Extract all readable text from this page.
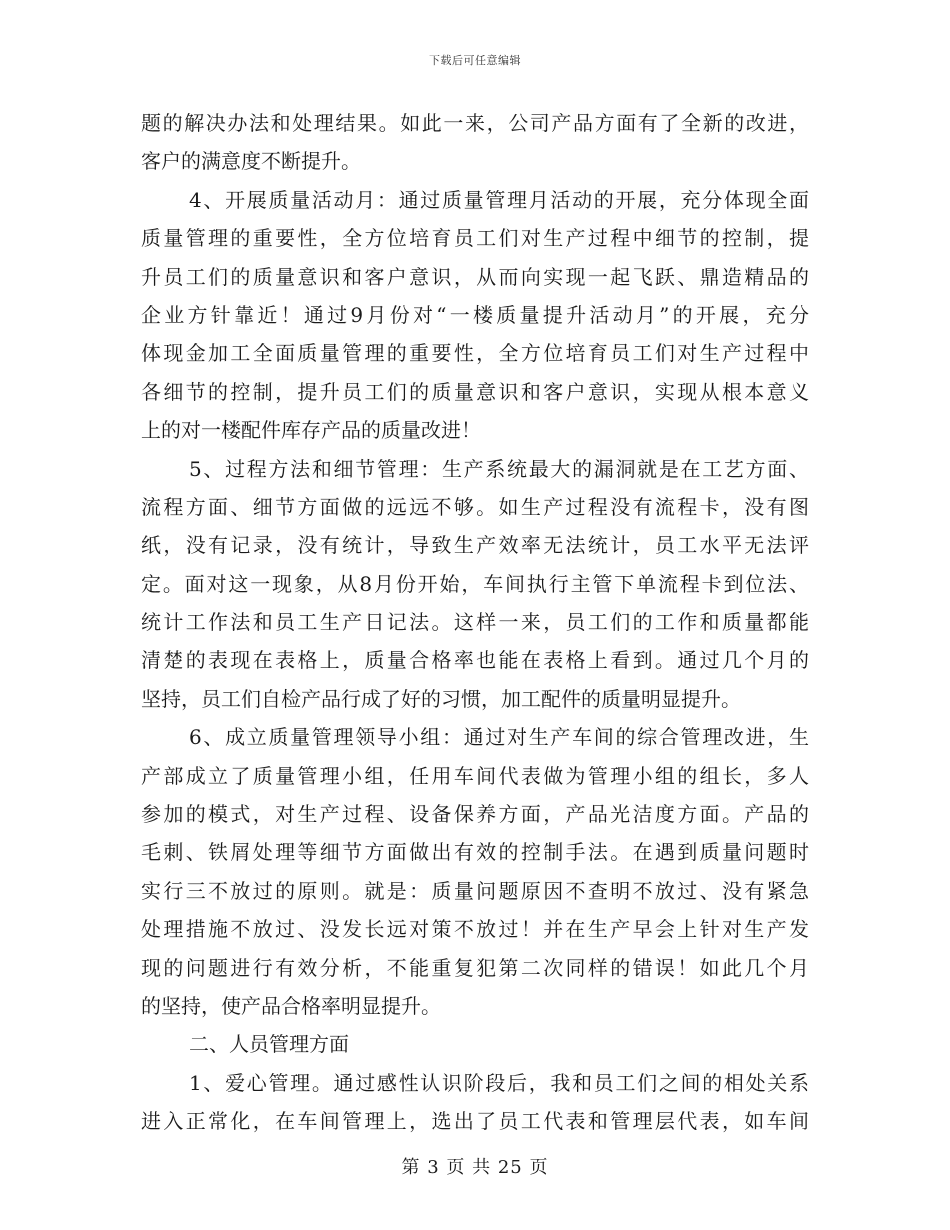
下载后可任意编辑
题的解决办法和处理结果。如此一来，公司产品方面有了全新的改进，
客户的满意度不断提升。
4、开展质量活动月：通过质量管理月活动的开展，充分体现全面
质量管理的重要性，全方位培育员工们对生产过程中细节的控制，提
升员工们的质量意识和客户意识，从而向实现一起飞跃、鼎造精品的
企业方针靠近！通过9月份对“一楼质量提升活动月”的开展，充分
体现金加工全面质量管理的重要性，全方位培育员工们对生产过程中
各细节的控制，提升员工们的质量意识和客户意识，实现从根本意义
上的对一楼配件库存产品的质量改进！
5、过程方法和细节管理：生产系统最大的漏洞就是在工艺方面、
流程方面、细节方面做的远远不够。如生产过程没有流程卡，没有图
纸，没有记录，没有统计，导致生产效率无法统计，员工水平无法评
定。面对这一现象，从8月份开始，车间执行主管下单流程卡到位法、
统计工作法和员工生产日记法。这样一来，员工们的工作和质量都能
清楚的表现在表格上，质量合格率也能在表格上看到。通过几个月的
坚持，员工们自检产品行成了好的习惯，加工配件的质量明显提升。
6、成立质量管理领导小组：通过对生产车间的综合管理改进，生
产部成立了质量管理小组，任用车间代表做为管理小组的组长，多人
参加的模式，对生产过程、设备保养方面，产品光洁度方面。产品的
毛刺、铁屑处理等细节方面做出有效的控制手法。在遇到质量问题时
实行三不放过的原则。就是：质量问题原因不查明不放过、没有紧急
处理措施不放过、没发长远对策不放过！并在生产早会上针对生产发
现的问题进行有效分析，不能重复犯第二次同样的错误！如此几个月
的坚持，使产品合格率明显提升。
二、人员管理方面
1、爱心管理。通过感性认识阶段后，我和员工们之间的相处关系
进入正常化，在车间管理上，选出了员工代表和管理层代表，如车间
第 3 页 共 25 页
